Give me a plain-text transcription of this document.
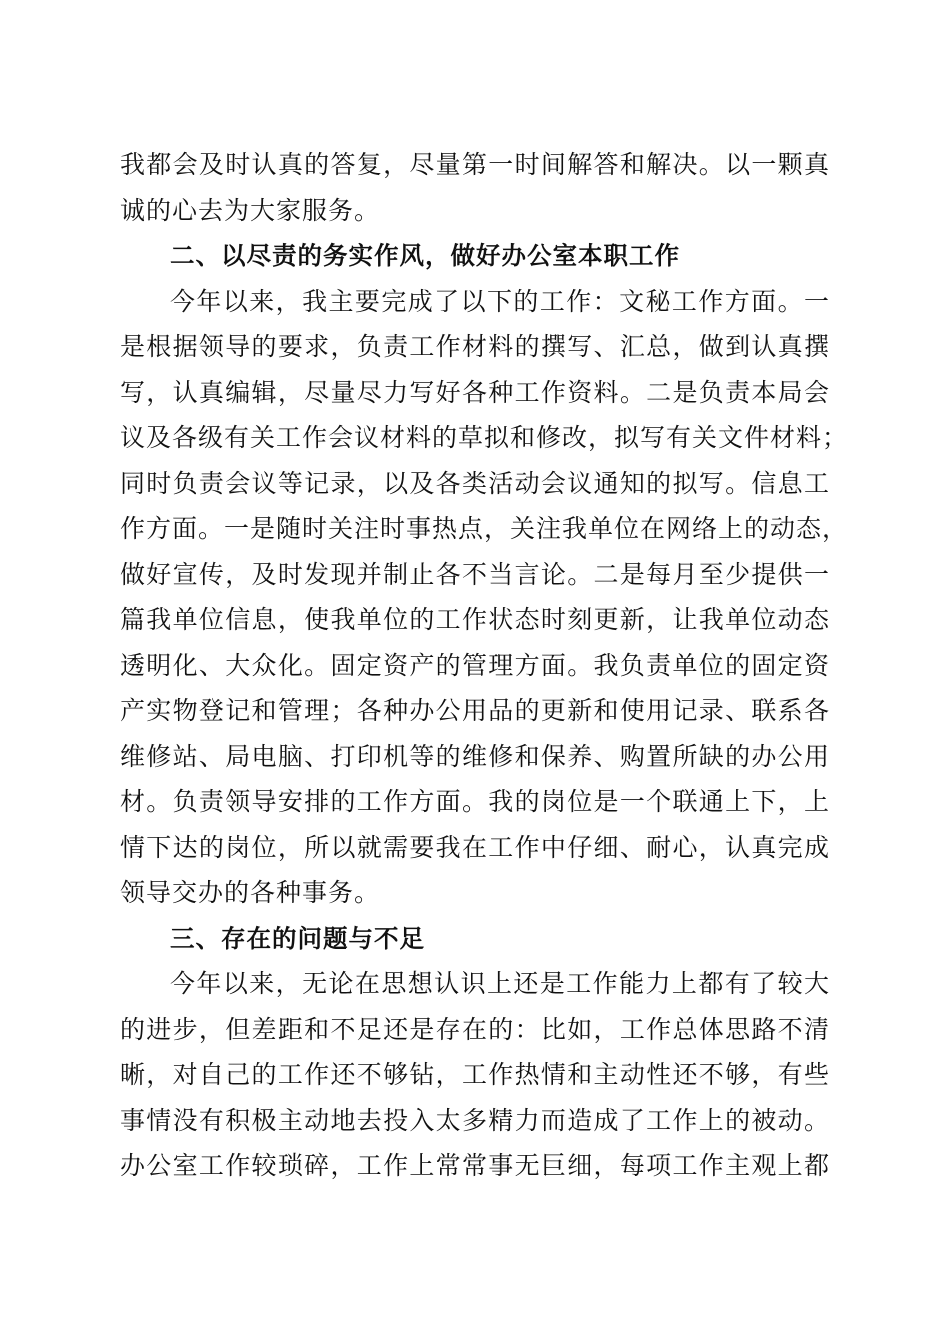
我都会及时认真的答复，尽量第一时间解答和解决。以一颗真
诚的心去为大家服务。
二、以尽责的务实作风，做好办公室本职工作
今年以来，我主要完成了以下的工作：文秘工作方面。一
是根据领导的要求，负责工作材料的撰写、汇总，做到认真撰
写，认真编辑，尽量尽力写好各种工作资料。二是负责本局会
议及各级有关工作会议材料的草拟和修改，拟写有关文件材料；
同时负责会议等记录，以及各类活动会议通知的拟写。信息工
作方面。一是随时关注时事热点，关注我单位在网络上的动态，
做好宣传，及时发现并制止各不当言论。二是每月至少提供一
篇我单位信息，使我单位的工作状态时刻更新，让我单位动态
透明化、大众化。固定资产的管理方面。我负责单位的固定资
产实物登记和管理；各种办公用品的更新和使用记录、联系各
维修站、局电脑、打印机等的维修和保养、购置所缺的办公用
材。负责领导安排的工作方面。我的岗位是一个联通上下，上
情下达的岗位，所以就需要我在工作中仔细、耐心，认真完成
领导交办的各种事务。
三、存在的问题与不足
今年以来，无论在思想认识上还是工作能力上都有了较大
的进步，但差距和不足还是存在的：比如，工作总体思路不清
晰，对自己的工作还不够钻，工作热情和主动性还不够，有些
事情没有积极主动地去投入太多精力而造成了工作上的被动。
办公室工作较琐碎，工作上常常事无巨细，每项工作主观上都
